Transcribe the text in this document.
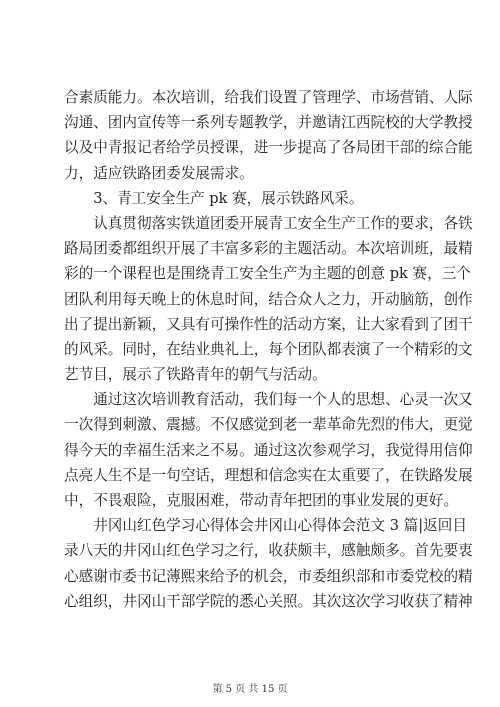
合素质能力。本次培训，给我们设置了管理学、市场营销、人际
沟通、团内宣传等一系列专题教学，并邀请江西院校的大学教授
以及中青报记者给学员授课，进一步提高了各局团干部的综合能
力，适应铁路团委发展需求。
　　3、青工安全生产 pk 赛，展示铁路风采。
　　认真贯彻落实铁道团委开展青工安全生产工作的要求，各铁
路局团委都组织开展了丰富多彩的主题活动。本次培训班，最精
彩的一个课程也是围绕青工安全生产为主题的创意 pk 赛，三个
团队利用每天晚上的休息时间，结合众人之力，开动脑筋，创作
出了提出新颖，又具有可操作性的活动方案，让大家看到了团干
的风采。同时，在结业典礼上，每个团队都表演了一个精彩的文
艺节目，展示了铁路青年的朝气与活动。
　　通过这次培训教育活动，我们每一个人的思想、心灵一次又
一次得到刺激、震撼。不仅感觉到老一辈革命先烈的伟大，更觉
得今天的幸福生活来之不易。通过这次参观学习，我觉得用信仰
点亮人生不是一句空话，理想和信念实在太重要了，在铁路发展
中，不畏艰险，克服困难，带动青年把团的事业发展的更好。
　　井冈山红色学习心得体会井冈山心得体会范文 3 篇|返回目
录八天的井冈山红色学习之行，收获颇丰，感触颇多。首先要衷
心感谢市委书记薄熙来给予的机会，市委组织部和市委党校的精
心组织，井冈山干部学院的悉心关照。其次这次学习收获了精神
第 5 页 共 15 页
